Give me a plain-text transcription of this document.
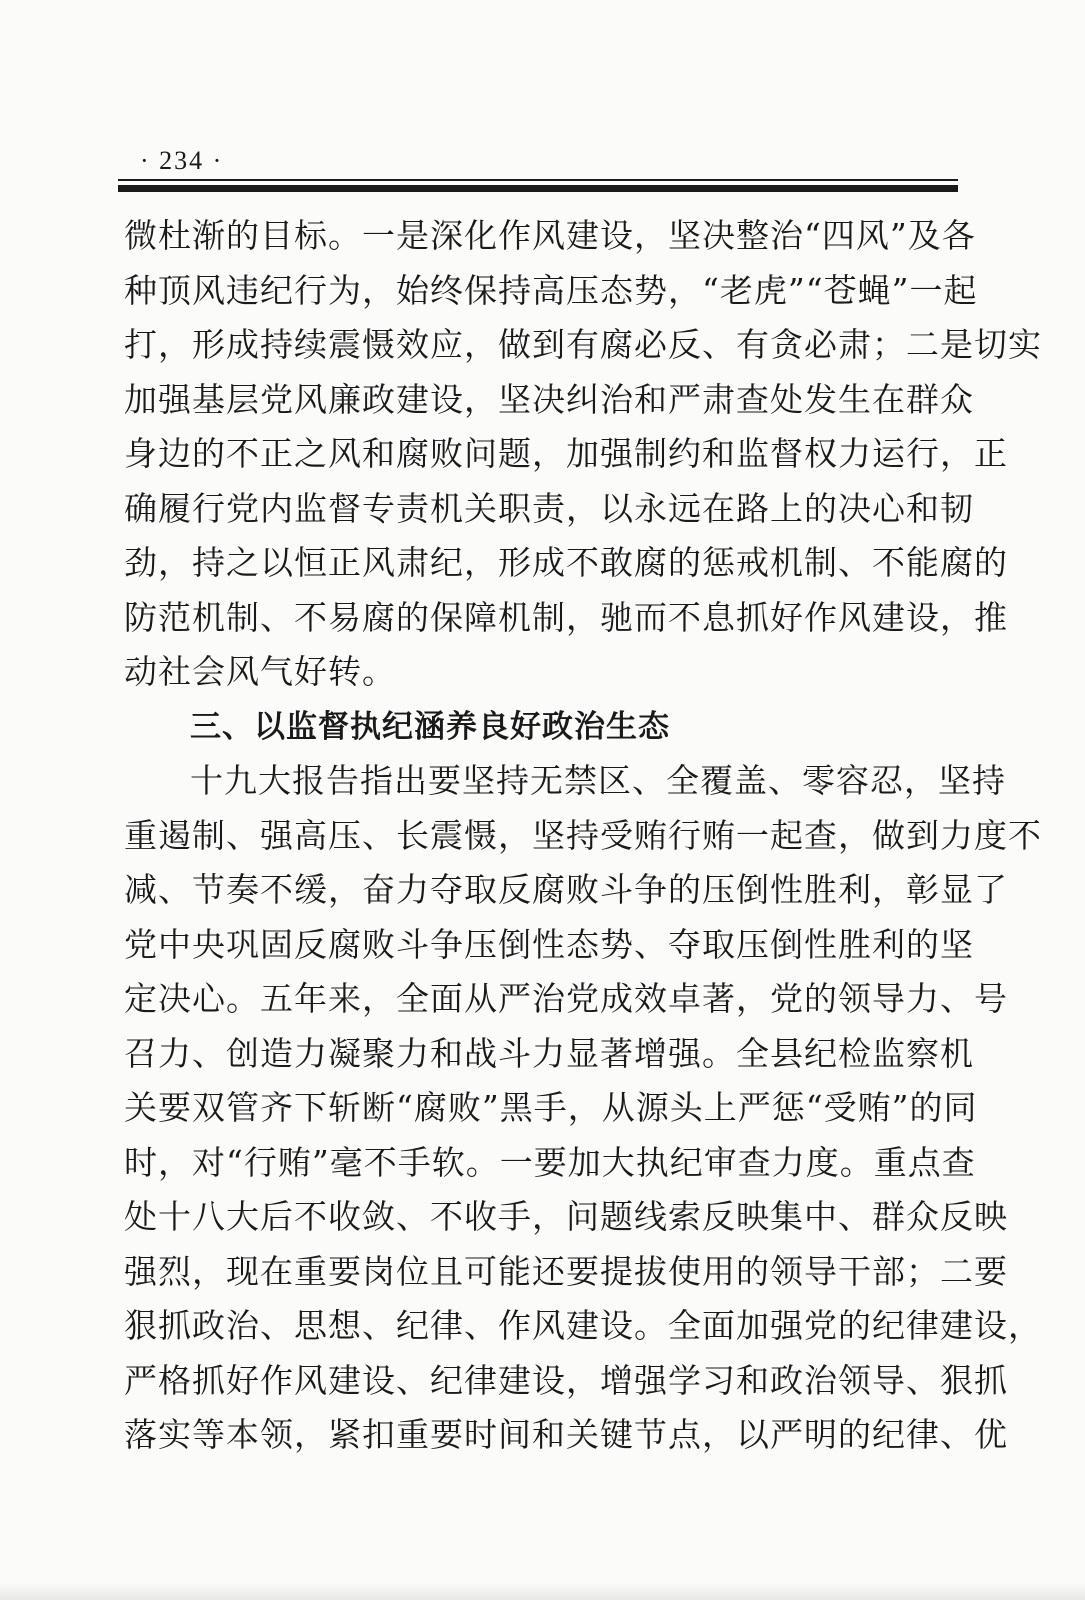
· 234 ·
微杜渐的目标。一是深化作风建设，坚决整治“四风”及各
种顶风违纪行为，始终保持高压态势，“老虎”“苍蝇”一起
打，形成持续震慑效应，做到有腐必反、有贪必肃；二是切实
加强基层党风廉政建设，坚决纠治和严肃查处发生在群众
身边的不正之风和腐败问题，加强制约和监督权力运行，正
确履行党内监督专责机关职责，以永远在路上的决心和韧
劲，持之以恒正风肃纪，形成不敢腐的惩戒机制、不能腐的
防范机制、不易腐的保障机制，驰而不息抓好作风建设，推
动社会风气好转。
三、以监督执纪涵养良好政治生态
十九大报告指出要坚持无禁区、全覆盖、零容忍，坚持
重遏制、强高压、长震慑，坚持受贿行贿一起查，做到力度不
减、节奏不缓，奋力夺取反腐败斗争的压倒性胜利，彰显了
党中央巩固反腐败斗争压倒性态势、夺取压倒性胜利的坚
定决心。五年来，全面从严治党成效卓著，党的领导力、号
召力、创造力凝聚力和战斗力显著增强。全县纪检监察机
关要双管齐下斩断“腐败”黑手，从源头上严惩“受贿”的同
时，对“行贿”毫不手软。一要加大执纪审查力度。重点查
处十八大后不收敛、不收手，问题线索反映集中、群众反映
强烈，现在重要岗位且可能还要提拔使用的领导干部；二要
狠抓政治、思想、纪律、作风建设。全面加强党的纪律建设，
严格抓好作风建设、纪律建设，增强学习和政治领导、狠抓
落实等本领，紧扣重要时间和关键节点，以严明的纪律、优
